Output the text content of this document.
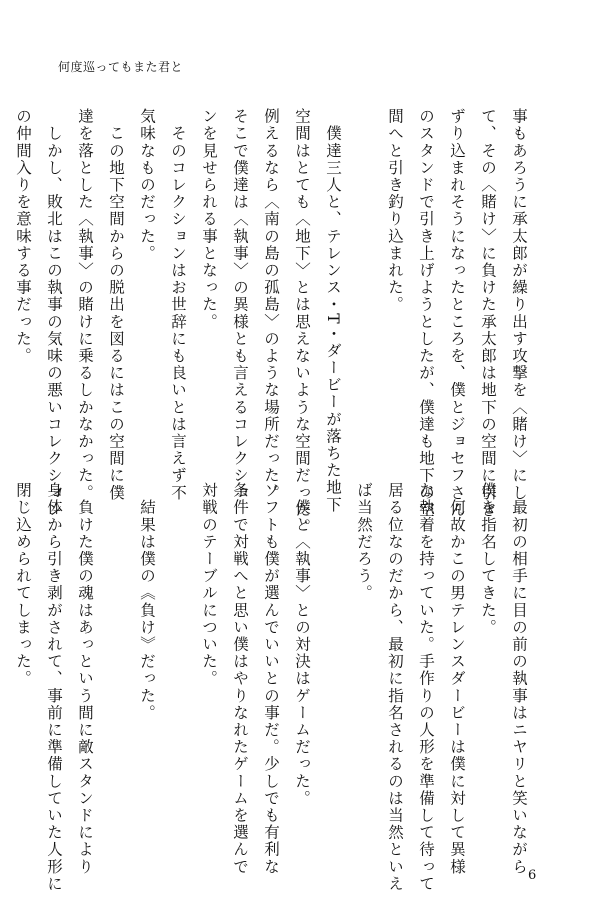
何度巡ってもまた君と
事もあろうに承太郎が繰り出す攻撃を〈賭け〉にし
て、その〈賭け〉に負けた承太郎は地下の空間に引き
ずり込まれそうになったところを、僕とジョセフさん
のスタンドで引き上げようとしたが、僕達も地下の空
間へと引き釣り込まれた。
　僕達三人と、テレンス・T・ダービーが落ちた地下
空間はとても〈地下〉とは思えないような空間だった。
例えるなら〈南の島の孤島〉のような場所だった。
そこで僕達は〈執事〉の異様とも言えるコレクショ
ンを見せられる事となった。
　そのコレクションはお世辞にも良いとは言えず不
気味なものだった。
　この地下空間からの脱出を図るにはこの空間に僕
達を落とした〈執事〉の賭けに乗るしかなかった。
　しかし、敗北はこの執事の気味の悪いコレクション
の仲間入りを意味する事だった。
　最初の相手に目の前の執事はニヤリと笑いながら
僕を指名してきた。
　何故かこの男テレンスダービーは僕に対して異様
な執着を持っていた。手作りの人形を準備して待って
居る位なのだから、最初に指名されるのは当然といえ
ば当然だろう。
　僕と〈執事〉との対決はゲームだった。
ソフトも僕が選んでいいとの事だ。少しでも有利な
条件で対戦へと思い僕はやりなれたゲームを選んで
対戦のテーブルについた。
　結果は僕の《負け》だった。
　負けた僕の魂はあっという間に敵スタンドにより
身体から引き剥がされて、事前に準備していた人形に
閉じ込められてしまった。
6
